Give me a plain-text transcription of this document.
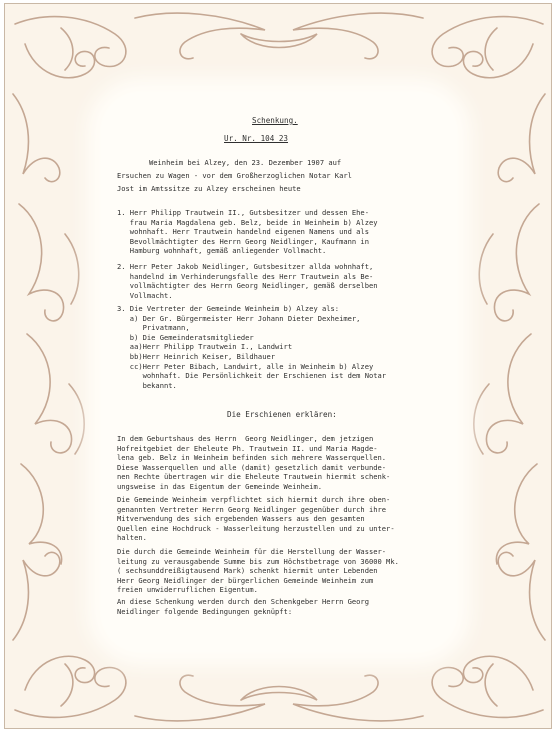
Schenkung.
Ur. Nr. 104 23
Weinheim bei Alzey, den 23. Dezember 1907 auf
Ersuchen zu Wagen - vor dem Großherzoglichen Notar Karl
Jost im Amtssitze zu Alzey erscheinen heute
1. Herr Philipp Trautwein II., Gutsbesitzer und dessen Ehe-
frau Maria Magdalena geb. Belz, beide in Weinheim b) Alzey
wohnhaft. Herr Trautwein handelnd eigenen Namens und als
Bevollmächtigter des Herrn Georg Neidlinger, Kaufmann in
Hamburg wohnhaft, gemäß anliegender Vollmacht.
2. Herr Peter Jakob Neidlinger, Gutsbesitzer allda wohnhaft,
handelnd im Verhinderungsfalle des Herr Trautwein als Be-
vollmächtigter des Herrn Georg Neidlinger, gemäß derselben
Vollmacht.
3. Die Vertreter der Gemeinde Weinheim b) Alzey als:
a) Der Gr. Bürgermeister Herr Johann Dieter Dexheimer,
Privatmann,
b) Die Gemeinderatsmitglieder
aa)Herr Philipp Trautwein I., Landwirt
bb)Herr Heinrich Keiser, Bildhauer
cc)Herr Peter Bibach, Landwirt, alle in Weinheim b) Alzey
wohnhaft. Die Persönlichkeit der Erschienen ist dem Notar
bekannt.
Die Erschienen erklären:
In dem Geburtshaus des Herrn  Georg Neidlinger, dem jetzigen
Hofreitgebiet der Eheleute Ph. Trautwein II. und Maria Magde-
lena geb. Belz in Weinheim befinden sich mehrere Wasserquellen.
Diese Wasserquellen und alle (damit) gesetzlich damit verbunde-
nen Rechte übertragen wir die Eheleute Trautwein hiermit schenk-
ungsweise in das Eigentum der Gemeinde Weinheim.
Die Gemeinde Weinheim verpflichtet sich hiermit durch ihre oben-
genannten Vertreter Herrn Georg Neidlinger gegenüber durch ihre
Mitverwendung des sich ergebenden Wassers aus den gesamten
Quellen eine Hochdruck - Wasserleitung herzustellen und zu unter-
halten.
Die durch die Gemeinde Weinheim für die Herstellung der Wasser-
leitung zu verausgabende Summe bis zum Höchstbetrage von 36000 Mk.
( sechsunddreißigtausend Mark) schenkt hiermit unter Lebenden
Herr Georg Neidlinger der bürgerlichen Gemeinde Weinheim zum
freien unwiderruflichen Eigentum.
An diese Schenkung werden durch den Schenkgeber Herrn Georg
Neidlinger folgende Bedingungen geknüpft:
